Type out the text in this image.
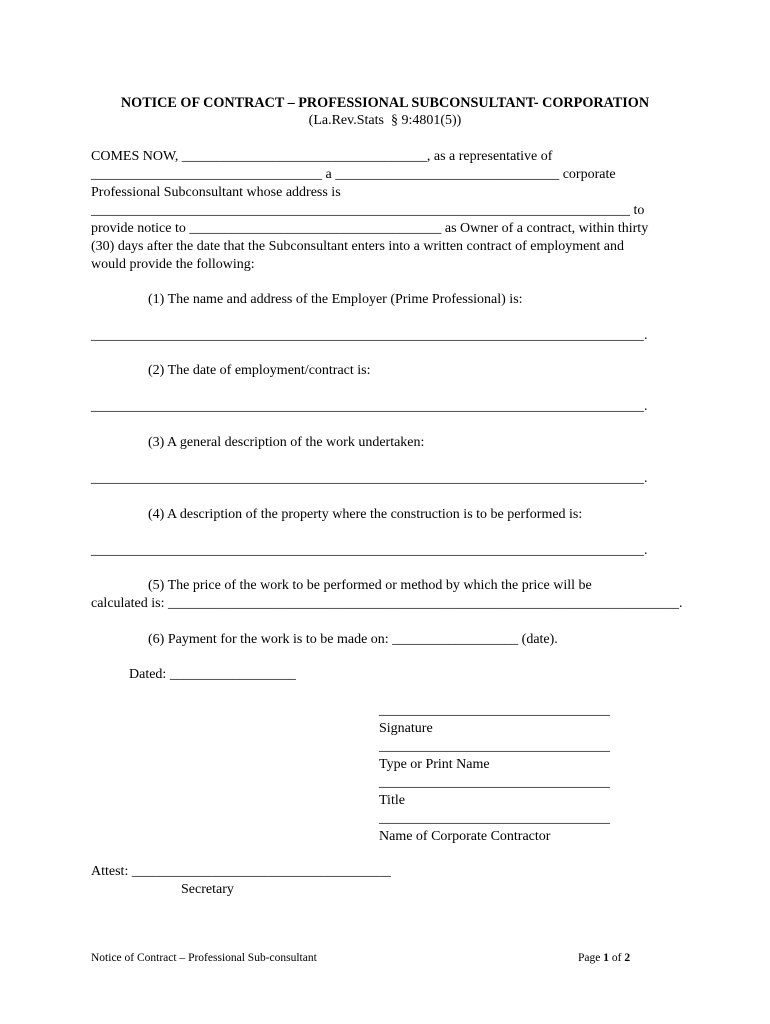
NOTICE OF CONTRACT – PROFESSIONAL SUBCONSULTANT- CORPORATION
(La.Rev.Stats  § 9:4801(5))
COMES NOW, ___________________________________, as a representative of
_________________________________ a ________________________________ corporate
Professional Subconsultant whose address is
_____________________________________________________________________________ to
provide notice to ____________________________________ as Owner of a contract, within thirty
(30) days after the date that the Subconsultant enters into a written contract of employment and
would provide the following:
(1) The name and address of the Employer (Prime Professional) is:
_______________________________________________________________________________.
(2) The date of employment/contract is:
_______________________________________________________________________________.
(3) A general description of the work undertaken:
_______________________________________________________________________________.
(4) A description of the property where the construction is to be performed is:
_______________________________________________________________________________.
(5) The price of the work to be performed or method by which the price will be
calculated is: _________________________________________________________________________.
(6) Payment for the work is to be made on: __________________ (date).
Dated: __________________
_________________________________
Signature
_________________________________
Type or Print Name
_________________________________
Title
_________________________________
Name of Corporate Contractor
Attest: _____________________________________
Secretary
Notice of Contract – Professional Sub-consultant	Page 1 of 2
